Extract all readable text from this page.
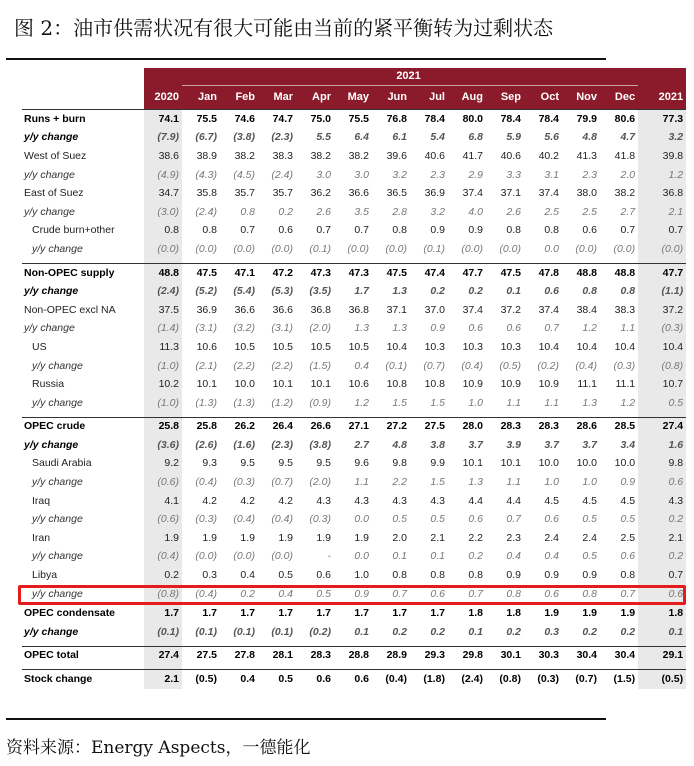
图 2：油市供需状况有很大可能由当前的紧平衡转为过剩状态
		2021												
	2020	Jan	Feb	Mar	Apr	May	Jun	Jul	Aug	Sep	Oct	Nov	Dec	2021
Runs + burn	74.1	75.5	74.6	74.7	75.0	75.5	76.8	78.4	80.0	78.4	78.4	79.9	80.6	77.3
y/y change	(7.9)	(6.7)	(3.8)	(2.3)	5.5	6.4	6.1	5.4	6.8	5.9	5.6	4.8	4.7	3.2
West of Suez	38.6	38.9	38.2	38.3	38.2	38.2	39.6	40.6	41.7	40.6	40.2	41.3	41.8	39.8
y/y change	(4.9)	(4.3)	(4.5)	(2.4)	3.0	3.0	3.2	2.3	2.9	3.3	3.1	2.3	2.0	1.2
East of Suez	34.7	35.8	35.7	35.7	36.2	36.6	36.5	36.9	37.4	37.1	37.4	38.0	38.2	36.8
y/y change	(3.0)	(2.4)	0.8	0.2	2.6	3.5	2.8	3.2	4.0	2.6	2.5	2.5	2.7	2.1
Crude burn+other	0.8	0.8	0.7	0.6	0.7	0.7	0.8	0.9	0.9	0.8	0.8	0.6	0.7	0.7
y/y change	(0.0)	(0.0)	(0.0)	(0.0)	(0.1)	(0.0)	(0.0)	(0.1)	(0.0)	(0.0)	0.0	(0.0)	(0.0)	(0.0)

Non-OPEC supply	48.8	47.5	47.1	47.2	47.3	47.3	47.5	47.4	47.7	47.5	47.8	48.8	48.8	47.7
y/y change	(2.4)	(5.2)	(5.4)	(5.3)	(3.5)	1.7	1.3	0.2	0.2	0.1	0.6	0.8	0.8	(1.1)
Non-OPEC excl NA	37.5	36.9	36.6	36.6	36.8	36.8	37.1	37.0	37.4	37.2	37.4	38.4	38.3	37.2
y/y change	(1.4)	(3.1)	(3.2)	(3.1)	(2.0)	1.3	1.3	0.9	0.6	0.6	0.7	1.2	1.1	(0.3)
US	11.3	10.6	10.5	10.5	10.5	10.5	10.4	10.3	10.3	10.3	10.4	10.4	10.4	10.4
y/y change	(1.0)	(2.1)	(2.2)	(2.2)	(1.5)	0.4	(0.1)	(0.7)	(0.4)	(0.5)	(0.2)	(0.4)	(0.3)	(0.8)
Russia	10.2	10.1	10.0	10.1	10.1	10.6	10.8	10.8	10.9	10.9	10.9	11.1	11.1	10.7
y/y change	(1.0)	(1.3)	(1.3)	(1.2)	(0.9)	1.2	1.5	1.5	1.0	1.1	1.1	1.3	1.2	0.5

OPEC crude	25.8	25.8	26.2	26.4	26.6	27.1	27.2	27.5	28.0	28.3	28.3	28.6	28.5	27.4
y/y change	(3.6)	(2.6)	(1.6)	(2.3)	(3.8)	2.7	4.8	3.8	3.7	3.9	3.7	3.7	3.4	1.6
Saudi Arabia	9.2	9.3	9.5	9.5	9.5	9.6	9.8	9.9	10.1	10.1	10.0	10.0	10.0	9.8
y/y change	(0.6)	(0.4)	(0.3)	(0.7)	(2.0)	1.1	2.2	1.5	1.3	1.1	1.0	1.0	0.9	0.6
Iraq	4.1	4.2	4.2	4.2	4.3	4.3	4.3	4.3	4.4	4.4	4.5	4.5	4.5	4.3
y/y change	(0.6)	(0.3)	(0.4)	(0.4)	(0.3)	0.0	0.5	0.5	0.6	0.7	0.6	0.5	0.5	0.2
Iran	1.9	1.9	1.9	1.9	1.9	1.9	2.0	2.1	2.2	2.3	2.4	2.4	2.5	2.1
y/y change	(0.4)	(0.0)	(0.0)	(0.0)	-	0.0	0.1	0.1	0.2	0.4	0.4	0.5	0.6	0.2
Libya	0.2	0.3	0.4	0.5	0.6	1.0	0.8	0.8	0.8	0.9	0.9	0.9	0.8	0.7
y/y change	(0.8)	(0.4)	0.2	0.4	0.5	0.9	0.7	0.6	0.7	0.8	0.6	0.8	0.7	0.6
OPEC condensate	1.7	1.7	1.7	1.7	1.7	1.7	1.7	1.7	1.8	1.8	1.9	1.9	1.9	1.8
y/y change	(0.1)	(0.1)	(0.1)	(0.1)	(0.2)	0.1	0.2	0.2	0.1	0.2	0.3	0.2	0.2	0.1

OPEC total	27.4	27.5	27.8	28.1	28.3	28.8	28.9	29.3	29.8	30.1	30.3	30.4	30.4	29.1

Stock change	2.1	(0.5)	0.4	0.5	0.6	0.6	(0.4)	(1.8)	(2.4)	(0.8)	(0.3)	(0.7)	(1.5)	(0.5)
资料来源：Energy Aspects，一德能化
